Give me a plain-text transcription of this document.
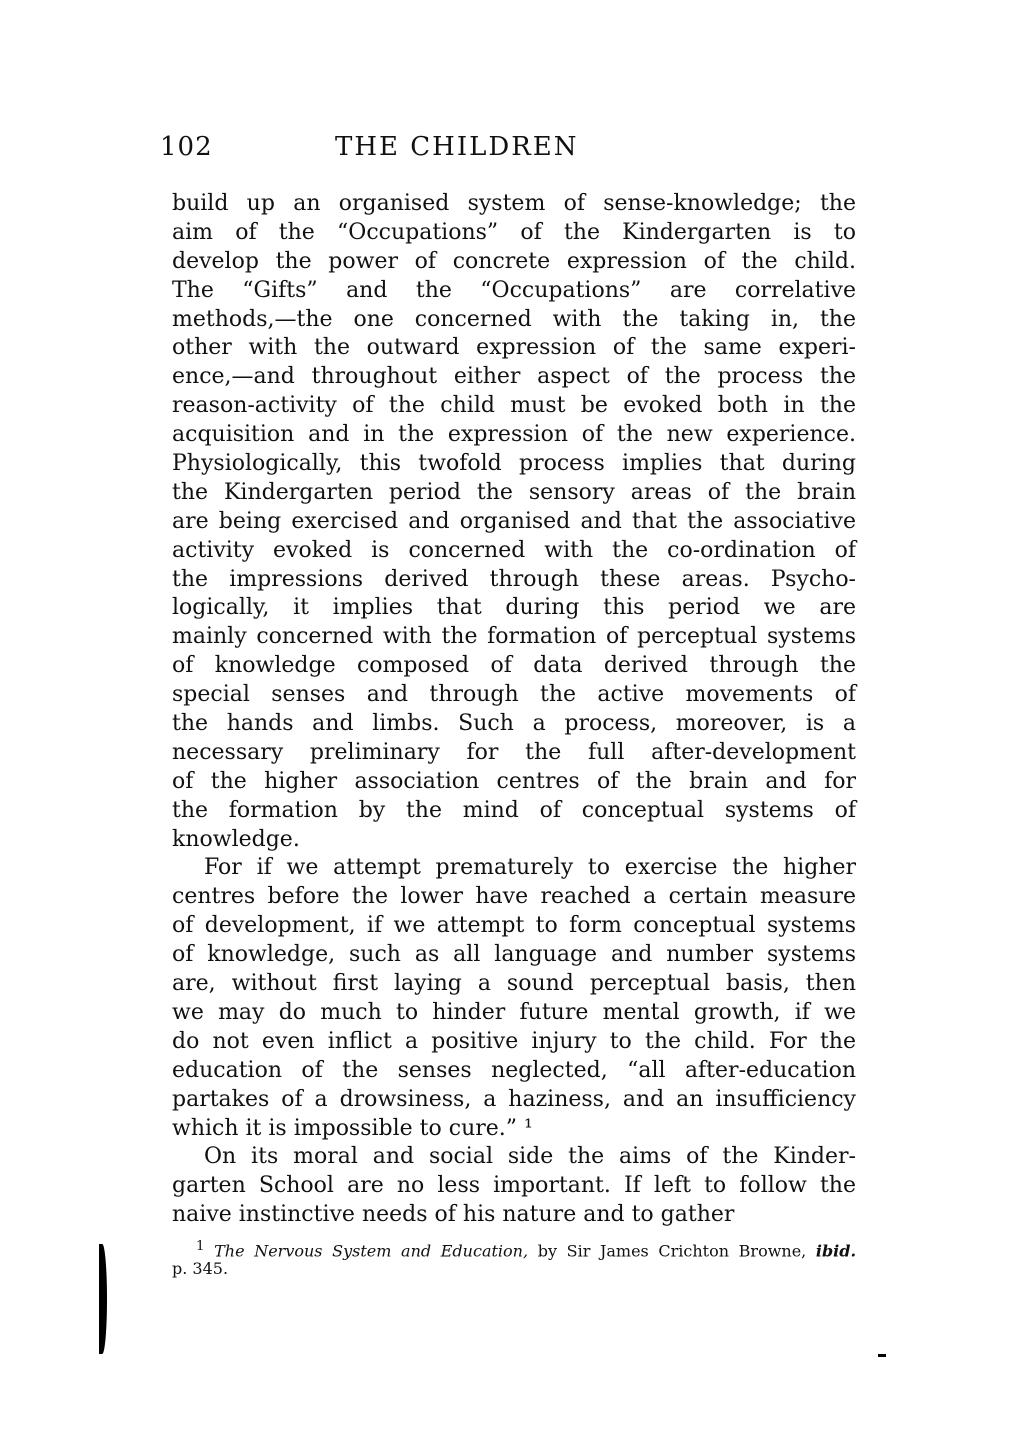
102	THE CHILDREN
build up an organised system of sense-knowledge; the
aim of the “Occupations” of the Kindergarten is to
develop the power of concrete expression of the child.
The “Gifts” and the “Occupations” are correlative
methods,—the one concerned with the taking in, the
other with the outward expression of the same experi-
ence,—and throughout either aspect of the process the
reason-activity of the child must be evoked both in the
acquisition and in the expression of the new experience.
Physiologically, this twofold process implies that during
the Kindergarten period the sensory areas of the brain
are being exercised and organised and that the associative
activity evoked is concerned with the co-ordination of
the impressions derived through these areas. Psycho-
logically, it implies that during this period we are
mainly concerned with the formation of perceptual systems
of knowledge composed of data derived through the
special senses and through the active movements of
the hands and limbs. Such a process, moreover, is a
necessary preliminary for the full after-development
of the higher association centres of the brain and for
the formation by the mind of conceptual systems of
knowledge.
For if we attempt prematurely to exercise the higher
centres before the lower have reached a certain measure
of development, if we attempt to form conceptual systems
of knowledge, such as all language and number systems
are, without first laying a sound perceptual basis, then
we may do much to hinder future mental growth, if we
do not even inflict a positive injury to the child. For the
education of the senses neglected, “all after-education
partakes of a drowsiness, a haziness, and an insufficiency
which it is impossible to cure.” ¹
On its moral and social side the aims of the Kinder-
garten School are no less important. If left to follow the
naive instinctive needs of his nature and to gather
$^1$ The Nervous System and Education, by Sir James Crichton Browne, ibid.
p. 345.
